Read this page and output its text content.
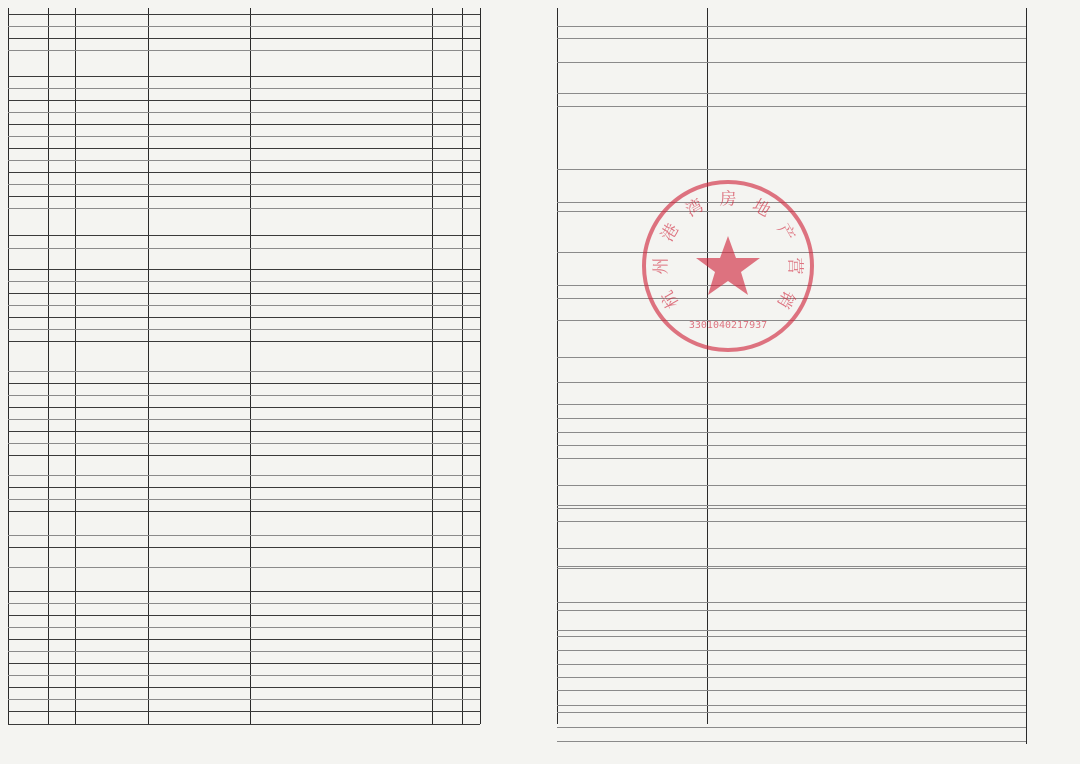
杭
州
港
湾 房 地
产
营
销
3301040217937
